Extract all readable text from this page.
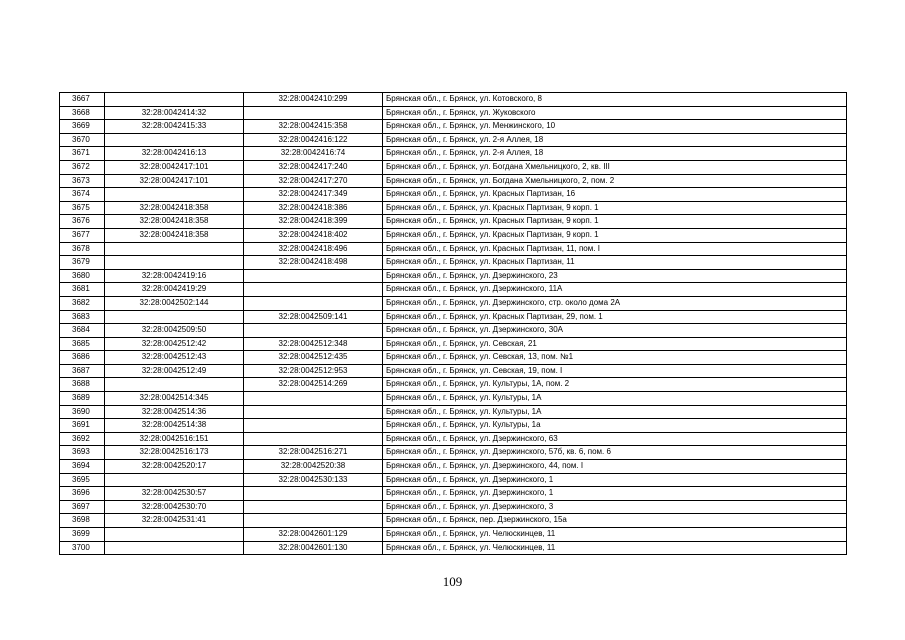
3667		32:28:0042410:299	Брянская обл., г. Брянск, ул. Котовского, 8
3668	32:28:0042414:32		Брянская обл., г. Брянск, ул. Жуковского
3669	32:28:0042415:33	32:28:0042415:358	Брянская обл., г. Брянск, ул. Менжинского, 10
3670		32:28:0042416:122	Брянская обл., г. Брянск, ул. 2-я Аллея, 18
3671	32:28:0042416:13	32:28:0042416:74	Брянская обл., г. Брянск, ул. 2-я Аллея, 18
3672	32:28:0042417:101	32:28:0042417:240	Брянская обл., г. Брянск, ул. Богдана Хмельницкого, 2, кв. III
3673	32:28:0042417:101	32:28:0042417:270	Брянская обл., г. Брянск, ул. Богдана Хмельницкого, 2, пом. 2
3674		32:28:0042417:349	Брянская обл., г. Брянск, ул. Красных Партизан, 16
3675	32:28:0042418:358	32:28:0042418:386	Брянская обл., г. Брянск, ул. Красных Партизан, 9 корп. 1
3676	32:28:0042418:358	32:28:0042418:399	Брянская обл., г. Брянск, ул. Красных Партизан, 9 корп. 1
3677	32:28:0042418:358	32:28:0042418:402	Брянская обл., г. Брянск, ул. Красных Партизан, 9 корп. 1
3678		32:28:0042418:496	Брянская обл., г. Брянск, ул. Красных Партизан, 11, пом. I
3679		32:28:0042418:498	Брянская обл., г. Брянск, ул. Красных Партизан, 11
3680	32:28:0042419:16		Брянская обл., г. Брянск, ул. Дзержинского, 23
3681	32:28:0042419:29		Брянская обл., г. Брянск, ул. Дзержинского, 11А
3682	32:28:0042502:144		Брянская обл., г. Брянск, ул. Дзержинского, стр. около дома 2А
3683		32:28:0042509:141	Брянская обл., г. Брянск, ул. Красных Партизан, 29, пом. 1
3684	32:28:0042509:50		Брянская обл., г. Брянск, ул. Дзержинского, 30А
3685	32:28:0042512:42	32:28:0042512:348	Брянская обл., г. Брянск, ул. Севская, 21
3686	32:28:0042512:43	32:28:0042512:435	Брянская обл., г. Брянск, ул. Севская, 13, пом. №1
3687	32:28:0042512:49	32:28:0042512:953	Брянская обл., г. Брянск, ул. Севская, 19, пом. I
3688		32:28:0042514:269	Брянская обл., г. Брянск, ул. Культуры, 1А, пом. 2
3689	32:28:0042514:345		Брянская обл., г. Брянск, ул. Культуры, 1А
3690	32:28:0042514:36		Брянская обл., г. Брянск, ул. Культуры, 1А
3691	32:28:0042514:38		Брянская обл., г. Брянск, ул. Культуры, 1а
3692	32:28:0042516:151		Брянская обл., г. Брянск, ул. Дзержинского, 63
3693	32:28:0042516:173	32:28:0042516:271	Брянская обл., г. Брянск, ул. Дзержинского, 57б, кв. 6, пом. 6
3694	32:28:0042520:17	32:28:0042520:38	Брянская обл., г. Брянск, ул. Дзержинского, 44, пом. I
3695		32:28:0042530:133	Брянская обл., г. Брянск, ул. Дзержинского, 1
3696	32:28:0042530:57		Брянская обл., г. Брянск, ул. Дзержинского, 1
3697	32:28:0042530:70		Брянская обл., г. Брянск, ул. Дзержинского, 3
3698	32:28:0042531:41		Брянская обл., г. Брянск, пер. Дзержинского, 15а
3699		32:28:0042601:129	Брянская обл., г. Брянск, ул. Челюскинцев, 11
3700		32:28:0042601:130	Брянская обл., г. Брянск, ул. Челюскинцев, 11
109
